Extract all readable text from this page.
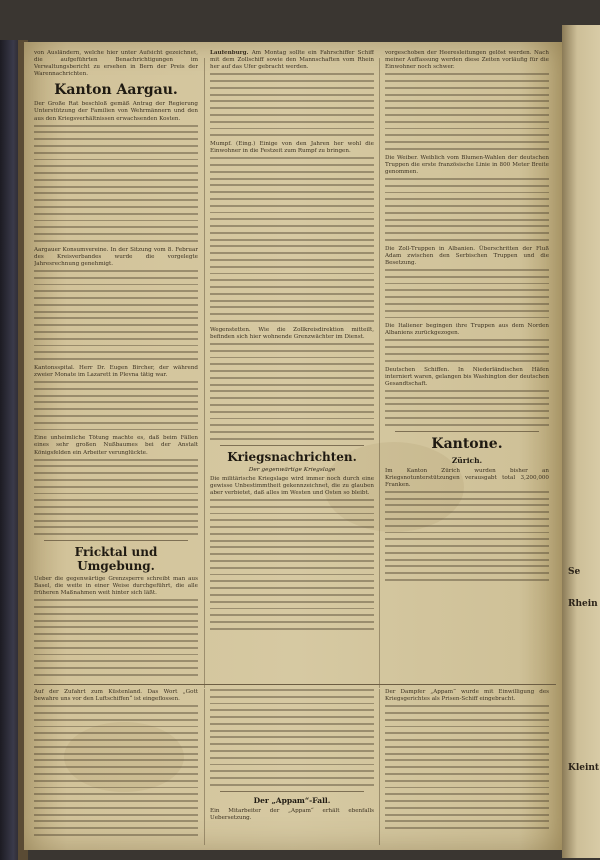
von Ausländern, welche hier unter Aufsicht gezeichnet, die aufgeführten Benachrichtigungen im Verwaltungsbericht zu ersehen in Bern der Preis der Warennachrichten.

Kanton Aargau.

Der Große Rat beschloß gemäß Antrag der Regierung Unterstützung der Familien von Wehrmännern und den aus den Kriegsverhältnissen erwachsenden Kosten.

Aargauer Konsumvereine. In der Sitzung vom 8. Februar des Kreisverbandes wurde die vorgelegte Jahresrechnung genehmigt.

Kantonsspital. Herr Dr. Eugen Bircher, der während zweier Monate im Lazarett in Plevna tätig war.

Eine unheimliche Tötung machte es, daß beim Fällen eines sehr großen Nußbaumes bei der Anstalt Königsfelden ein Arbeiter verunglückte.

Fricktal und Umgebung.

Ueber die gegenwärtige Grenzsperre schreibt man aus Basel, die weite in einer Weise durchgeführt, die alle früheren Maßnahmen weit hinter sich läßt.

Laufenburg. Am Montag sollte ein Fahrschiffer Schiff mit dem Zollschiff sowie den Mannschaften vom Rhein her auf das Ufer gebracht werden.

Mumpf. (Eing.) Einige von den Jahren her wohl die Einwohner in die Festzeit zum Rumpf zu bringen.

Wegenstetten. Wie die Zollkreisdirektion mitteilt, befinden sich hier wohnende Grenzwächter im Dienst.

Kriegsnachrichten.
Der gegenwärtige Kriegslage

Die militärische Kriegslage wird immer noch durch eine gewisse Unbestimmtheit gekennzeichnet, die zu glauben aber verbietet, daß alles im Westen und Osten so bleibt.

vorgeschoben der Heeresleitungen gelöst werden. Nach meiner Auffassung werden diese Zeiten vorläufig für die Einwohner noch schwer.

Die Weiber. Weiblich vom Blumen-Wahlen der deutschen Truppen die erste französische Linie in 800 Meter Breite genommen.

Die Zoll-Truppen in Albanien. Überschritten der Fluß Adam zwischen den Serbischen Truppen und die Besetzung.

Die Italiener begingen ihre Truppen aus dem Norden Albaniens zurückgezogen.

Deutschen Schiffen. In Niederländischen Häfen interniert waren, gelangen bis Washington der deutschen Gesandtschaft.

Kantone.
Zürich.

Im Kanton Zürich wurden bisher an Kriegsnotunterstützungen verausgabt total 3,200,000 Franken.

Auf der Zufahrt zum Küstenland. Das Wort „Gott bewahre uns vor den Luftschiffen“ ist eingeflossen.

Der „Appam“-Fall.

Ein Mitarbeiter der „Appam“ erhält ebenfalls Uebersetzung.

Der Dampfer „Appam“ wurde mit Einwilligung des Kriegsgerichtes als Prisen-Schiff eingebracht.

Se
Rhein
Kleint
